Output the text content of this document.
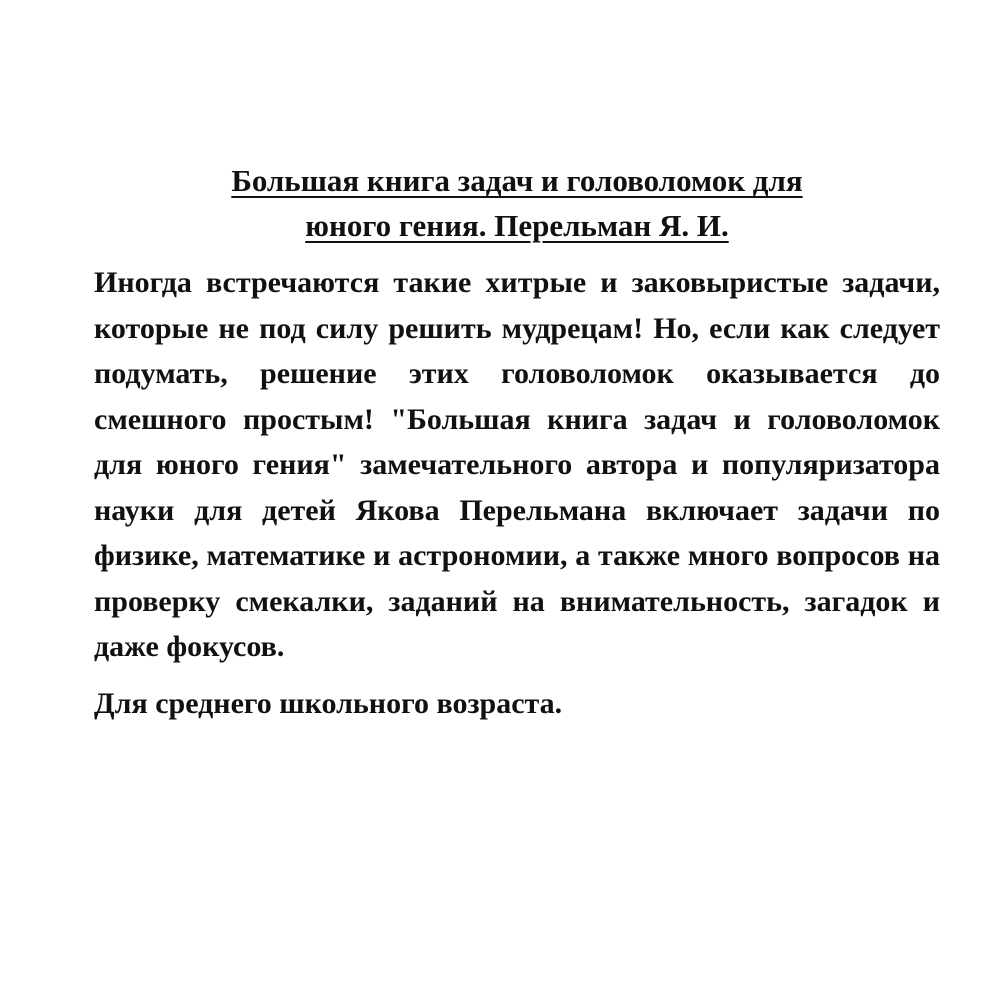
Большая книга задач и головоломок для
юного гения. Перельман Я. И.

Иногда встречаются такие хитрые и заковыристые задачи, которые не под силу решить мудрецам! Но, если как следует подумать, решение этих головоломок оказывается до смешного простым! "Большая книга задач и головоломок для юного гения" замечательного автора и популяризатора науки для детей Якова Перельмана включает задачи по физике, математике и астрономии, а также много вопросов на проверку смекалки, заданий на внимательность, загадок и даже фокусов.

Для среднего школьного возраста.
